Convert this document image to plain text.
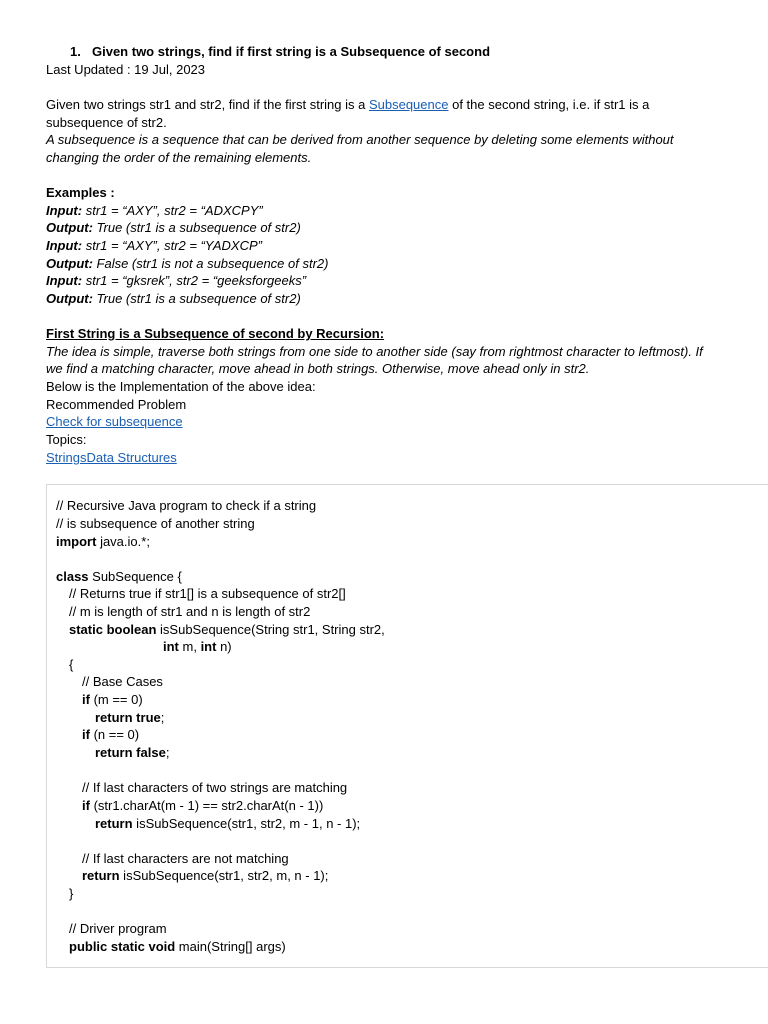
1. Given two strings, find if first string is a Subsequence of second
Last Updated : 19 Jul, 2023
Given two strings str1 and str2, find if the first string is a Subsequence of the second string, i.e. if str1 is a
subsequence of str2.
A subsequence is a sequence that can be derived from another sequence by deleting some elements without
changing the order of the remaining elements.
Examples :
Input: str1 = “AXY”, str2 = “ADXCPY”
Output: True (str1 is a subsequence of str2)
Input: str1 = “AXY”, str2 = “YADXCP”
Output: False (str1 is not a subsequence of str2)
Input: str1 = “gksrek”, str2 = “geeksforgeeks”
Output: True (str1 is a subsequence of str2)
First String is a Subsequence of second by Recursion:
The idea is simple, traverse both strings from one side to another side (say from rightmost character to leftmost). If
we find a matching character, move ahead in both strings. Otherwise, move ahead only in str2.
Below is the Implementation of the above idea:
Recommended Problem
Check for subsequence
Topics:
StringsData Structures
// Recursive Java program to check if a string
// is subsequence of another string
import java.io.*;
class SubSequence {
// Returns true if str1[] is a subsequence of str2[]
// m is length of str1 and n is length of str2
static boolean isSubSequence(String str1, String str2,
int m, int n)
{
// Base Cases
if (m == 0)
return true;
if (n == 0)
return false;
// If last characters of two strings are matching
if (str1.charAt(m - 1) == str2.charAt(n - 1))
return isSubSequence(str1, str2, m - 1, n - 1);
// If last characters are not matching
return isSubSequence(str1, str2, m, n - 1);
}
// Driver program
public static void main(String[] args)
